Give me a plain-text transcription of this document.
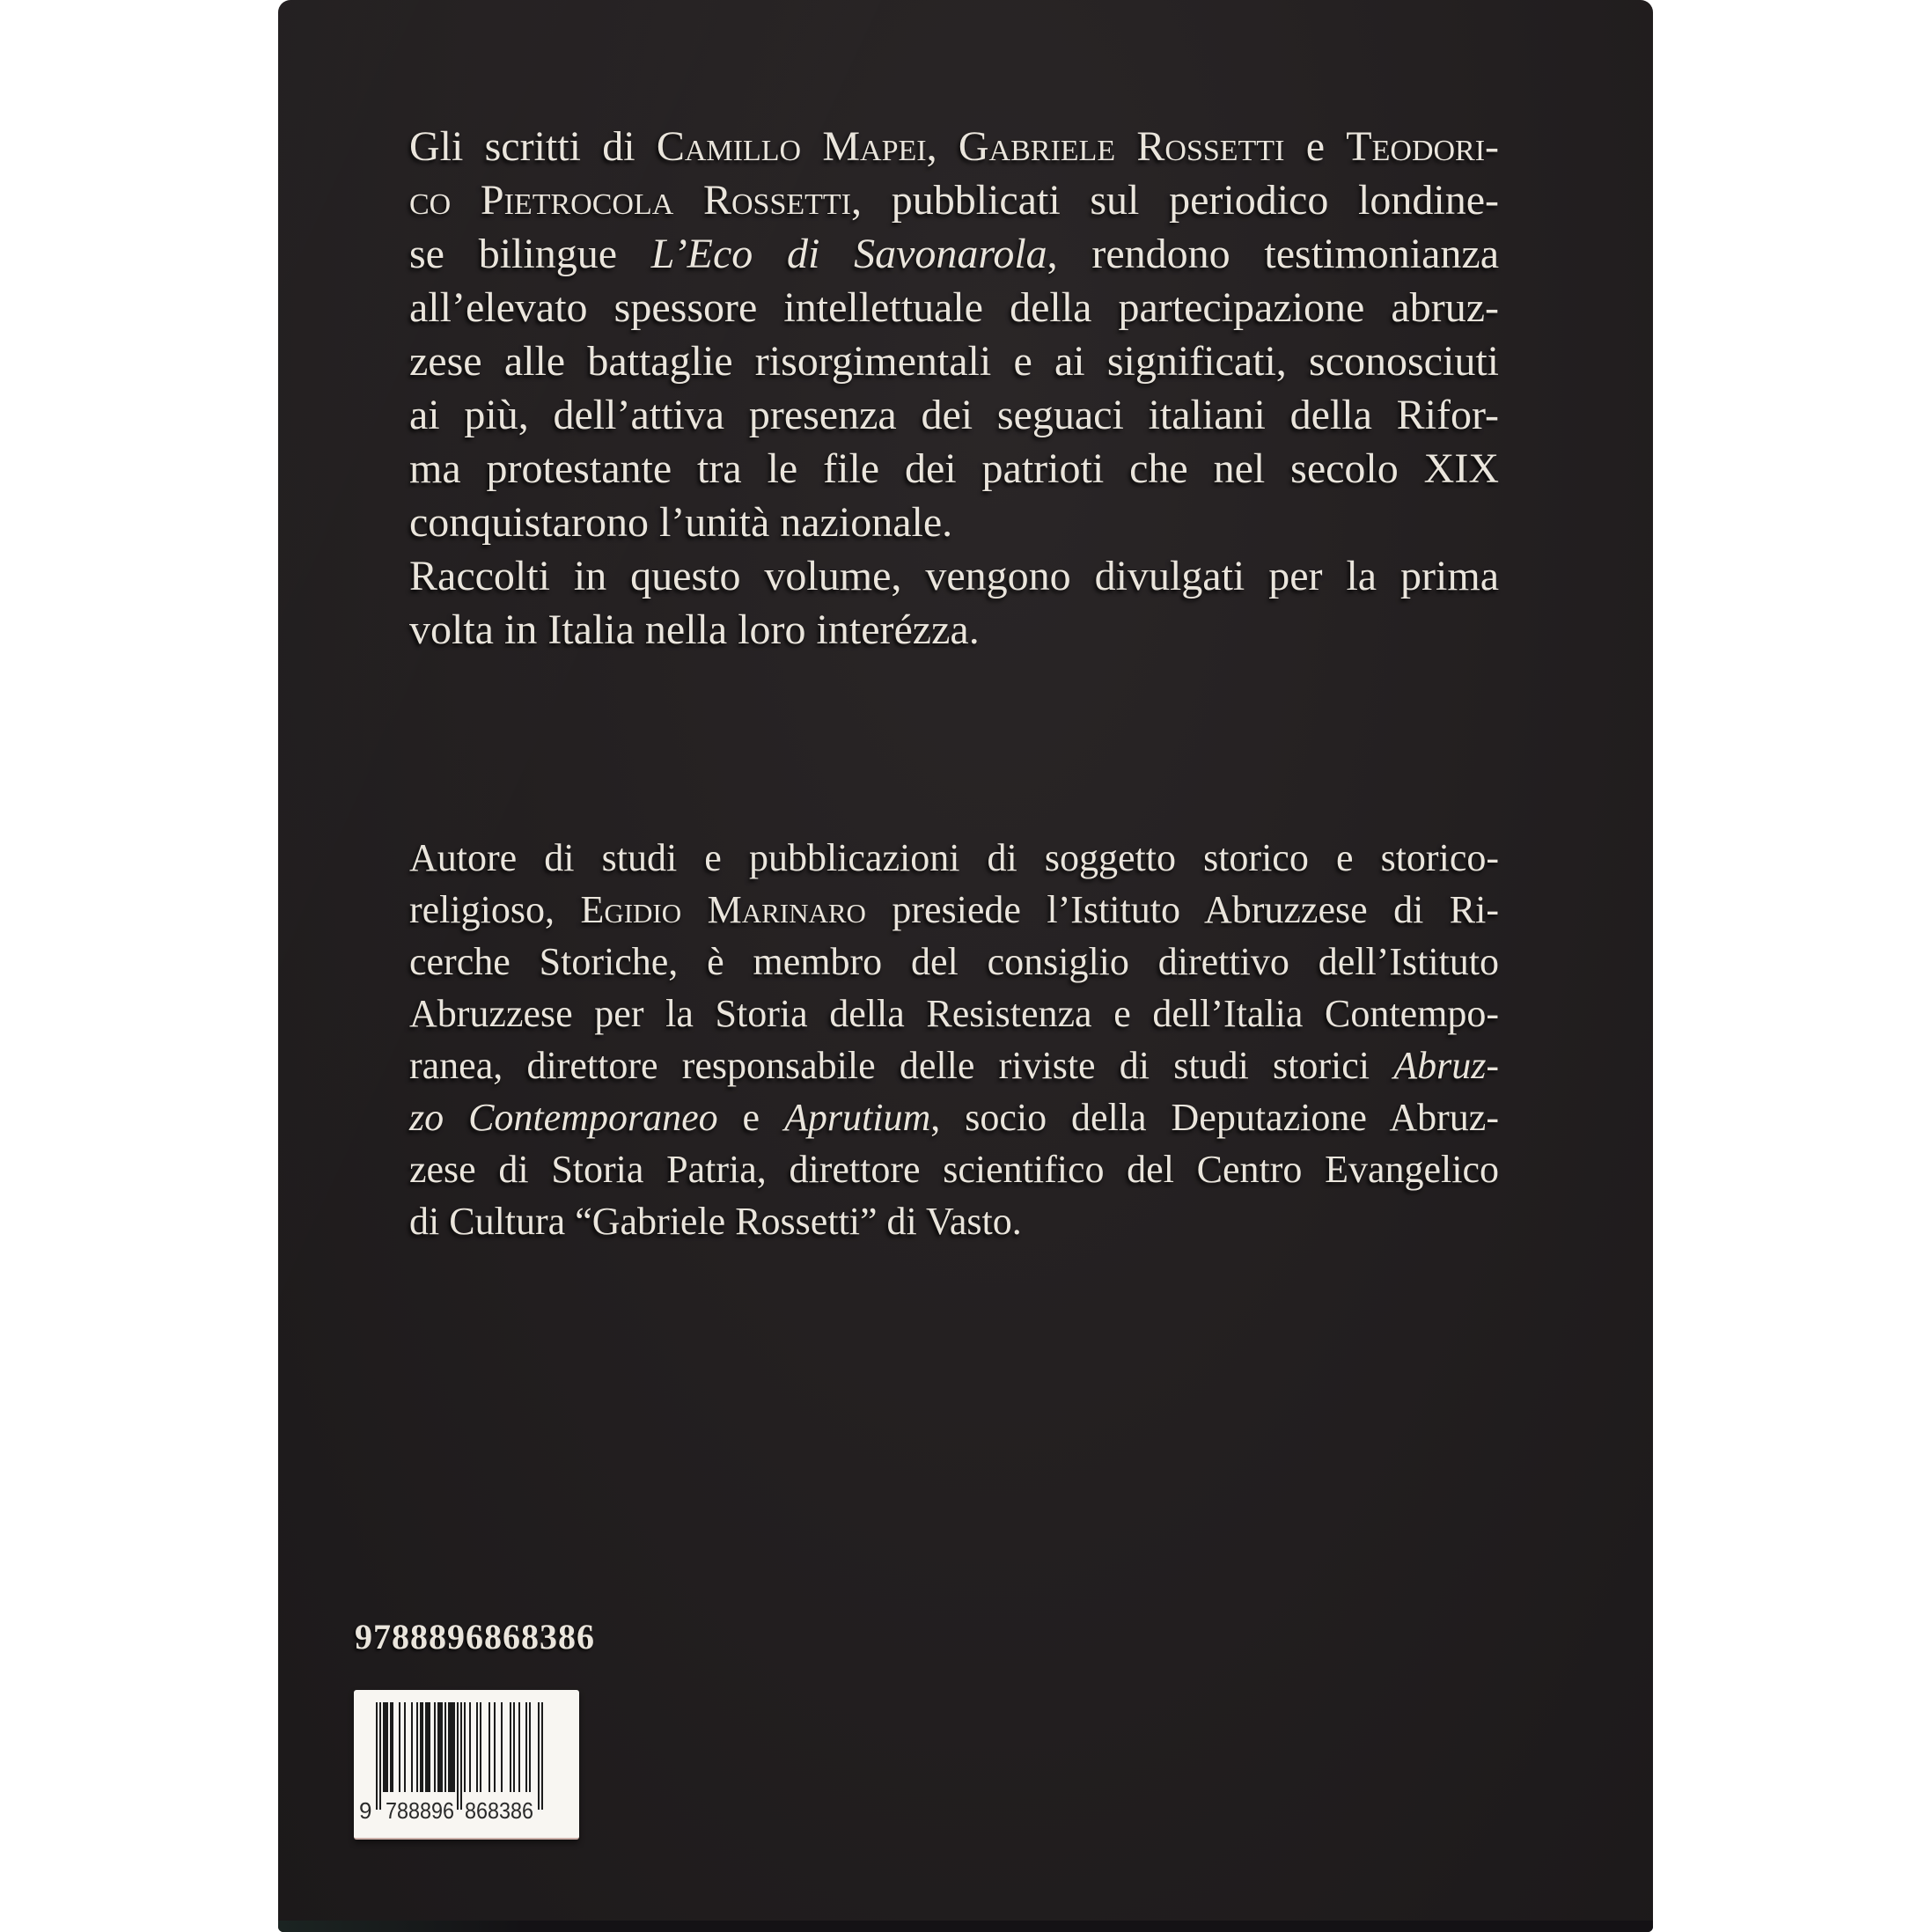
Gli scritti di Camillo Mapei, Gabriele Rossetti e Teodori-
co Pietrocola Rossetti, pubblicati sul periodico londine-
se bilingue L’Eco di Savonarola, rendono testimonianza
all’elevato spessore intellettuale della partecipazione abruz-
zese alle battaglie risorgimentali e ai significati, sconosciuti
ai più, dell’attiva presenza dei seguaci italiani della Rifor-
ma protestante tra le file dei patrioti che nel secolo XIX
conquistarono l’unità nazionale.
Raccolti in questo volume, vengono divulgati per la prima
volta in Italia nella loro interézza.
Autore di studi e pubblicazioni di soggetto storico e storico-
religioso, Egidio Marinaro presiede l’Istituto Abruzzese di Ri-
cerche Storiche, è membro del consiglio direttivo dell’Istituto
Abruzzese per la Storia della Resistenza e dell’Italia Contempo-
ranea, direttore responsabile delle riviste di studi storici Abruz-
zo Contemporaneo e Aprutium, socio della Deputazione Abruz-
zese di Storia Patria, direttore scientifico del Centro Evangelico
di Cultura “Gabriele Rossetti” di Vasto.
9788896868386
9 788896 868386
